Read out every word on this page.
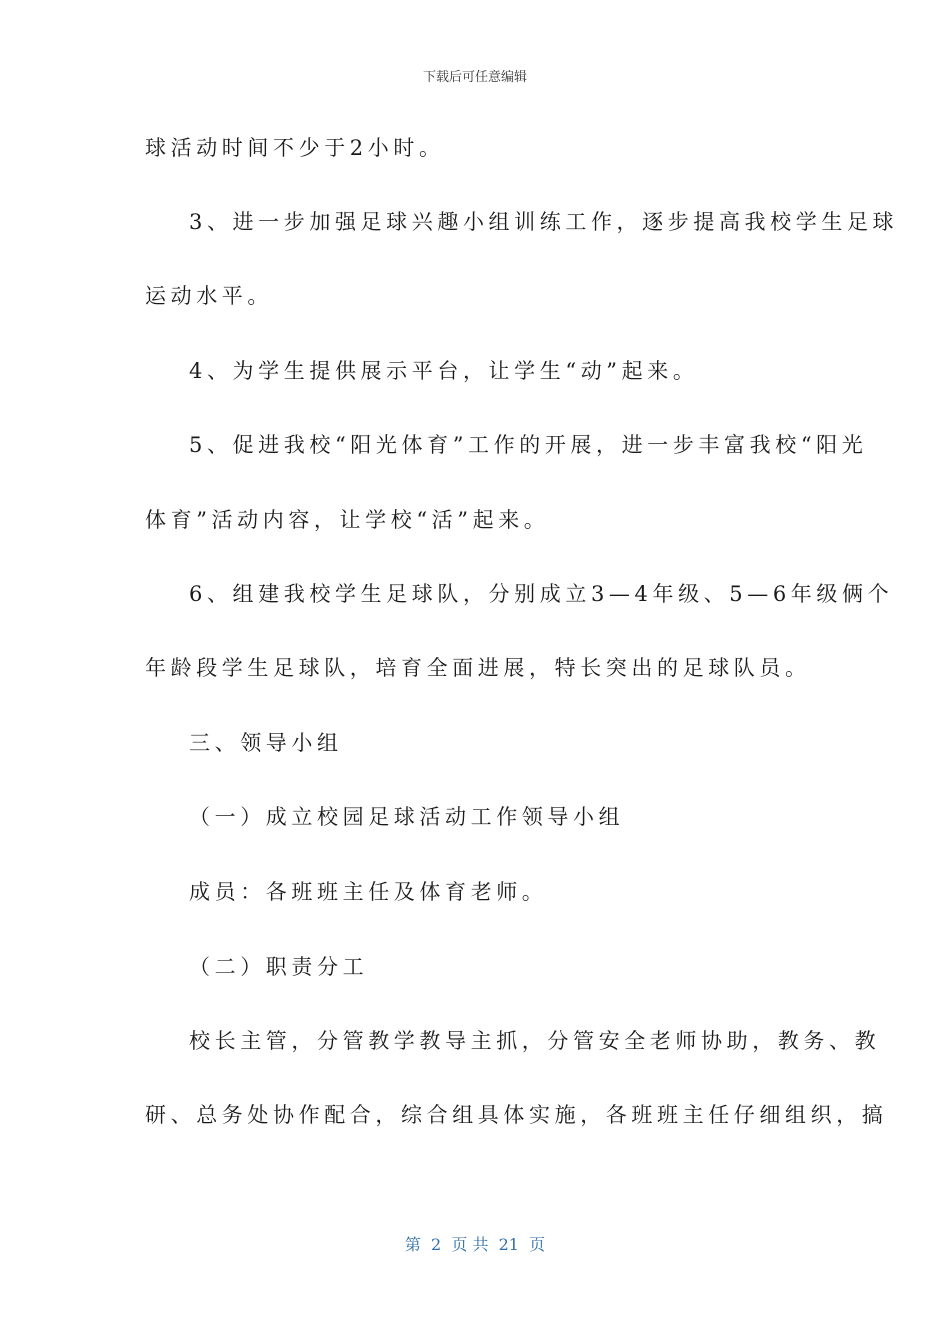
下载后可任意编辑
球活动时间不少于2小时。
3、进一步加强足球兴趣小组训练工作，逐步提高我校学生足球
运动水平。
4、为学生提供展示平台，让学生“动”起来。
5、促进我校“阳光体育”工作的开展，进一步丰富我校“阳光
体育”活动内容，让学校“活”起来。
6、组建我校学生足球队，分别成立3—4年级、5—6年级俩个
年龄段学生足球队，培育全面进展，特长突出的足球队员。
三、领导小组
（一）成立校园足球活动工作领导小组
成员：各班班主任及体育老师。
（二）职责分工
校长主管，分管教学教导主抓，分管安全老师协助，教务、教
研、总务处协作配合，综合组具体实施，各班班主任仔细组织，搞
第  2  页 共  21  页
